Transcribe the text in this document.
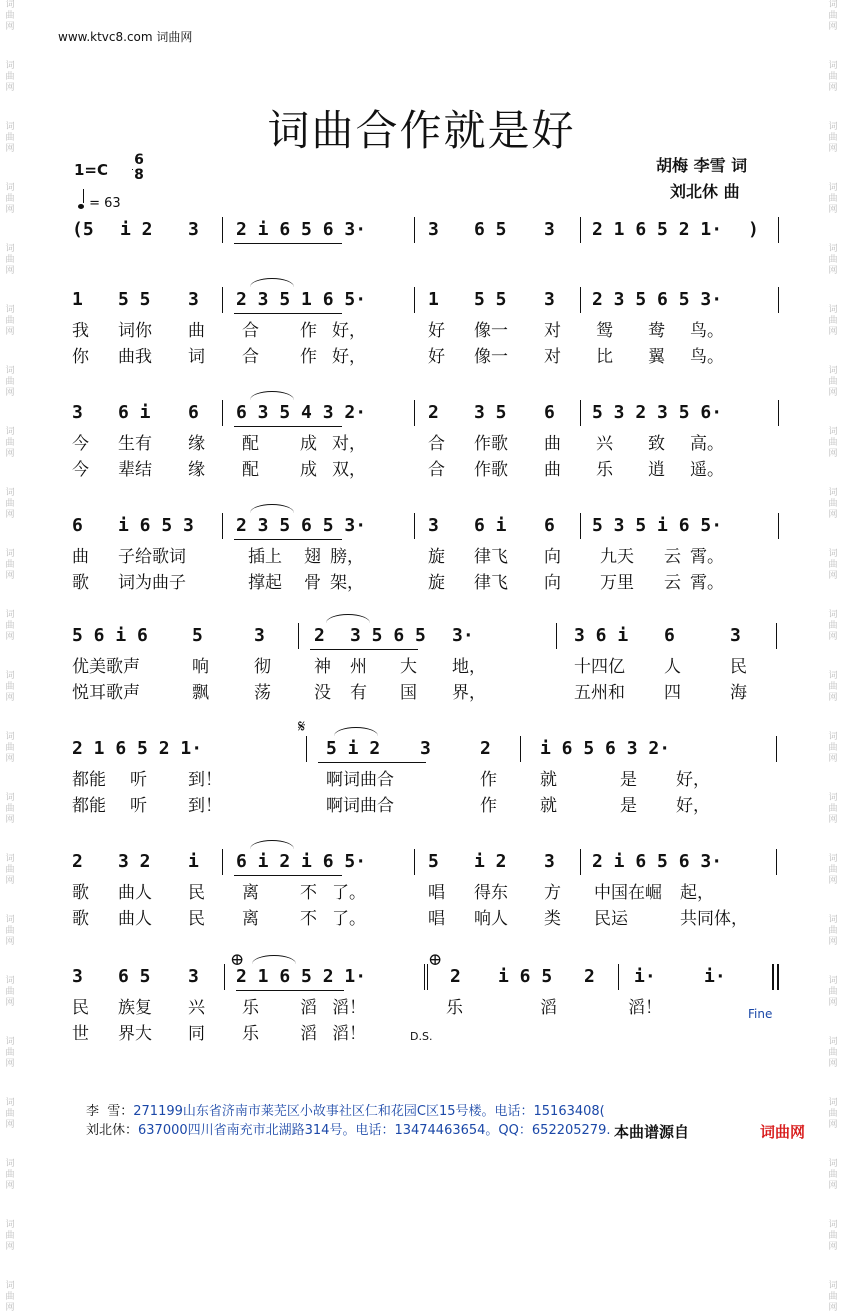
词曲网
词曲网
词曲网
词曲网
词曲网
词曲网
词曲网
词曲网
词曲网
词曲网
词曲网
词曲网
词曲网
词曲网
词曲网
词曲网
词曲网
词曲网
词曲网
词曲网
词曲网
词曲网
词曲网
词曲网
词曲网
词曲网
词曲网
词曲网
词曲网
词曲网
词曲网
词曲网
词曲网
词曲网
词曲网
词曲网
词曲网
词曲网
词曲网
词曲网
词曲网
词曲网
词曲网
词曲网
www.ktvc8.com 词曲网
词曲合作就是好
1=C
6
8
= 63
胡梅 李雪 词
刘北休 曲
(5 i 2 3 2 i 6 5 6 3·	3 6 5 3 2 1 6 5 2 1· )
1 5 5 3 2 3 5 1 6 5·	1 5 5 3 2 3 5 6 5 3·
我 词你 曲 合 作 好，	好 像一 对 鸳 鸯 鸟。
你 曲我 词 合 作 好，	好 像一 对 比 翼 鸟。
3 6 i 6 6 3 5 4 3 2·	2 3 5 6 5 3 2 3 5 6·
今 生有 缘 配 成 对，	合 作歌 曲 兴 致 高。
今 辈结 缘 配 成 双，	合 作歌 曲 乐 逍 遥。
6 i 6 5 3 2 3 5 6 5 3·	3 6 i 6 5 3 5 i 6 5·
曲 子给歌词	插上 翅 膀，	旋 律飞 向 九天 云 霄。
歌 词为曲子	撑起 骨 架，	旋 律飞 向 万里 云 霄。
5 6 i 6 5	3	2 3 5 6 5 3·	3 6 i 6	3
优美歌声	响	彻	神 州 大 地，	十四亿 人	民
悦耳歌声	飘	荡	没 有 国 界，	五州和 四	海
2 1 6 5 2 1·	5 i 2 3	2	i 6 5 6 3 2·
都能 听 到！	啊词曲合	作	就	是 好，
都能 听 到！	啊词曲合	作	就	是 好，
2 3 2 i 6 i 2 i 6 5·	5 i 2 3 2 i 6 5 6 3·
歌 曲人 民 离 不 了。	唱 得东 方 中国在崛 起，
歌 曲人 民 离 不 了。	唱 响人 类 民运	共同体，
3 6 5 3 2 1 6 5 2 1·	2 i 6 5 2 i·	i·
民 族复 兴 乐 滔 滔！	乐	滔	滔！
世 界大 同 乐 滔 滔！
𝄋
⊕	⊕
Fine
D.S.
李  雪：271199山东省济南市莱芜区小故事社区仁和花园C区15号楼。电话：15163408(
刘北休：637000四川省南充市北湖路314号。电话：13474463654。QQ：652205279. 本曲谱源自	词曲网
